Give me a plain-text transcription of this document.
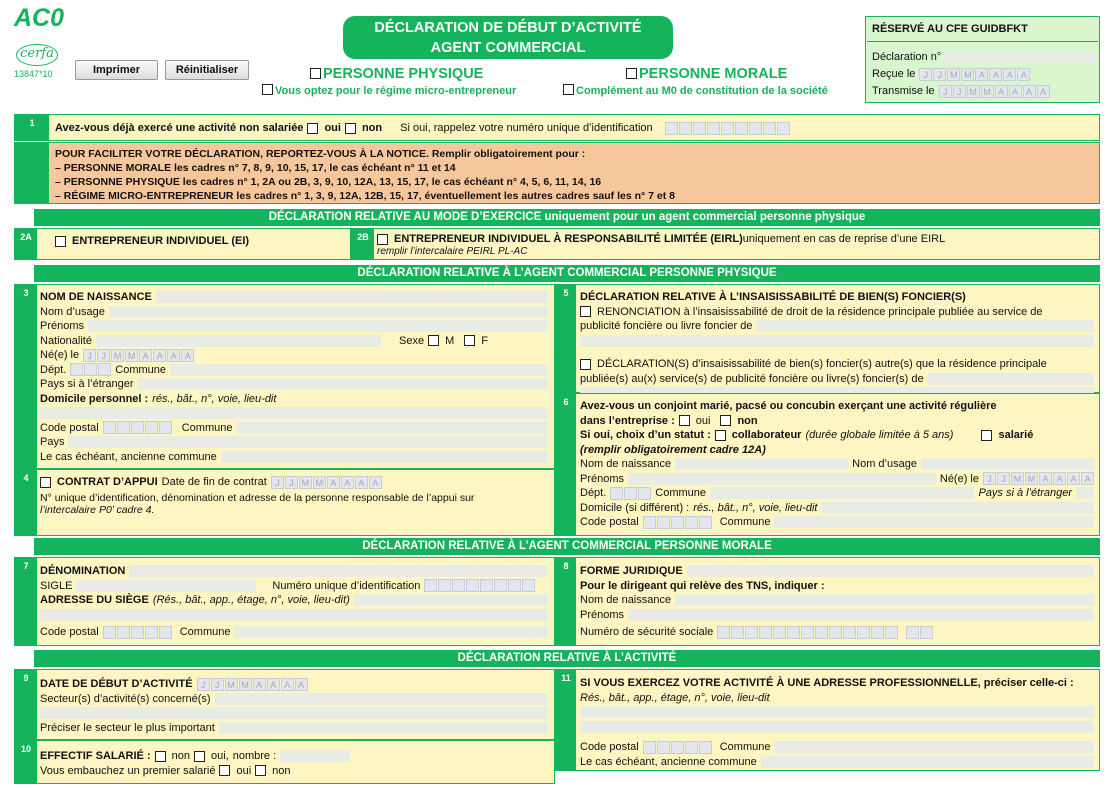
AC0
cerfa
13847*10	Imprimer	Réinitialiser
DÉCLARATION DE DÉBUT D’ACTIVITÉ
AGENT COMMERCIAL
PERSONNE PHYSIQUE	PERSONNE MORALE
Vous optez pour le régime micro-entrepreneur	Complément au M0 de constitution de la société
RÉSERVÉ AU CFE GUIDBFKT
Déclaration n°
Reçue le J	J M M A A A A
Transmise le J	J M M A A A A
1	Avez-vous déjà exercé une activité non salariée oui non Si oui, rappelez votre numéro unique d’identification
POUR FACILITER VOTRE DÉCLARATION, REPORTEZ-VOUS À LA NOTICE. Remplir obligatoirement pour :
– PERSONNE MORALE les cadres n° 7, 8, 9, 10, 15, 17, le cas échéant n° 11 et 14
– PERSONNE PHYSIQUE les cadres n° 1, 2A ou 2B, 3, 9, 10, 12A, 13, 15, 17, le cas échéant n° 4, 5, 6, 11, 14, 16
– RÉGIME MICRO-ENTREPRENEUR les cadres n° 1, 3, 9, 12A, 12B, 15, 17, éventuellement les autres cadres sauf les n° 7 et 8
DÉCLARATION RELATIVE AU MODE D’EXERCICE uniquement pour un agent commercial personne physique
2A	ENTREPRENEUR INDIVIDUEL (EI)	2B	ENTREPRENEUR INDIVIDUEL À RESPONSABILITÉ LIMITÉE (EIRL) uniquement en cas de reprise d’une EIRL
remplir l’intercalaire PEIRL PL-AC
DÉCLARATION RELATIVE À L’AGENT COMMERCIAL PERSONNE PHYSIQUE
3	NOM DE NAISSANCE
Nom d’usage
Prénoms
Nationalité	Sexe M F
Né(e) le J	J M M A A A A
Dépt.	Commune
Pays si à l’étranger
Domicile personnel : rés., bât., n°, voie, lieu-dit
Code postal	Commune
Pays
Le cas échéant, ancienne commune
4	CONTRAT D’APPUI Date de fin de contrat J	J M M A A A A
N° unique d’identification, dénomination et adresse de la personne responsable de l’appui sur
l’intercalaire P0’ cadre 4.
5	DÉCLARATION RELATIVE À L’INSAISISSABILITÉ DE BIEN(S) FONCIER(S)
RENONCIATION à l’insaisissabilité de droit de la résidence principale publiée au service de
publicité foncière ou livre foncier de
DÉCLARATION(S) d’insaisissabilité de bien(s) foncier(s) autre(s) que la résidence principale
publiée(s) au(x) service(s) de publicité foncière ou livre(s) foncier(s) de
6	Avez-vous un conjoint marié, pacsé ou concubin exerçant une activité régulière
dans l’entreprise : oui non
Si oui, choix d’un statut : collaborateur (durée globale limitée à 5 ans)	salarié
(remplir obligatoirement cadre 12A)
Nom de naissance	Nom d’usage
Prénoms	Né(e) le J	J M M A A A A
Dépt.	Commune	Pays si à l’étranger
Domicile (si différent) : rés., bât., n°, voie, lieu-dit
Code postal	Commune
DÉCLARATION RELATIVE À L’AGENT COMMERCIAL PERSONNE MORALE
7	DÉNOMINATION
SIGLE	Numéro unique d’identification
ADRESSE DU SIÈGE (Rés., bât., app., étage, n°, voie, lieu-dit)
Code postal	Commune
8	FORME JURIDIQUE
Pour le dirigeant qui relève des TNS, indiquer :
Nom de naissance
Prénoms
Numéro de sécurité sociale
DÉCLARATION RELATIVE À L’ACTIVITÉ
9
DATE DE DÉBUT D’ACTIVITÉ J	J M M A A A A
Secteur(s) d’activité(s) concerné(s)
Préciser le secteur le plus important
10
EFFECTIF SALARIÉ : non oui, nombre :
Vous embauchez un premier salarié oui non
11 SI VOUS EXERCEZ VOTRE ACTIVITÉ À UNE ADRESSE PROFESSIONNELLE, préciser celle-ci :
Rés., bât., app., étage, n°, voie, lieu-dit
Code postal	Commune
Le cas échéant, ancienne commune
